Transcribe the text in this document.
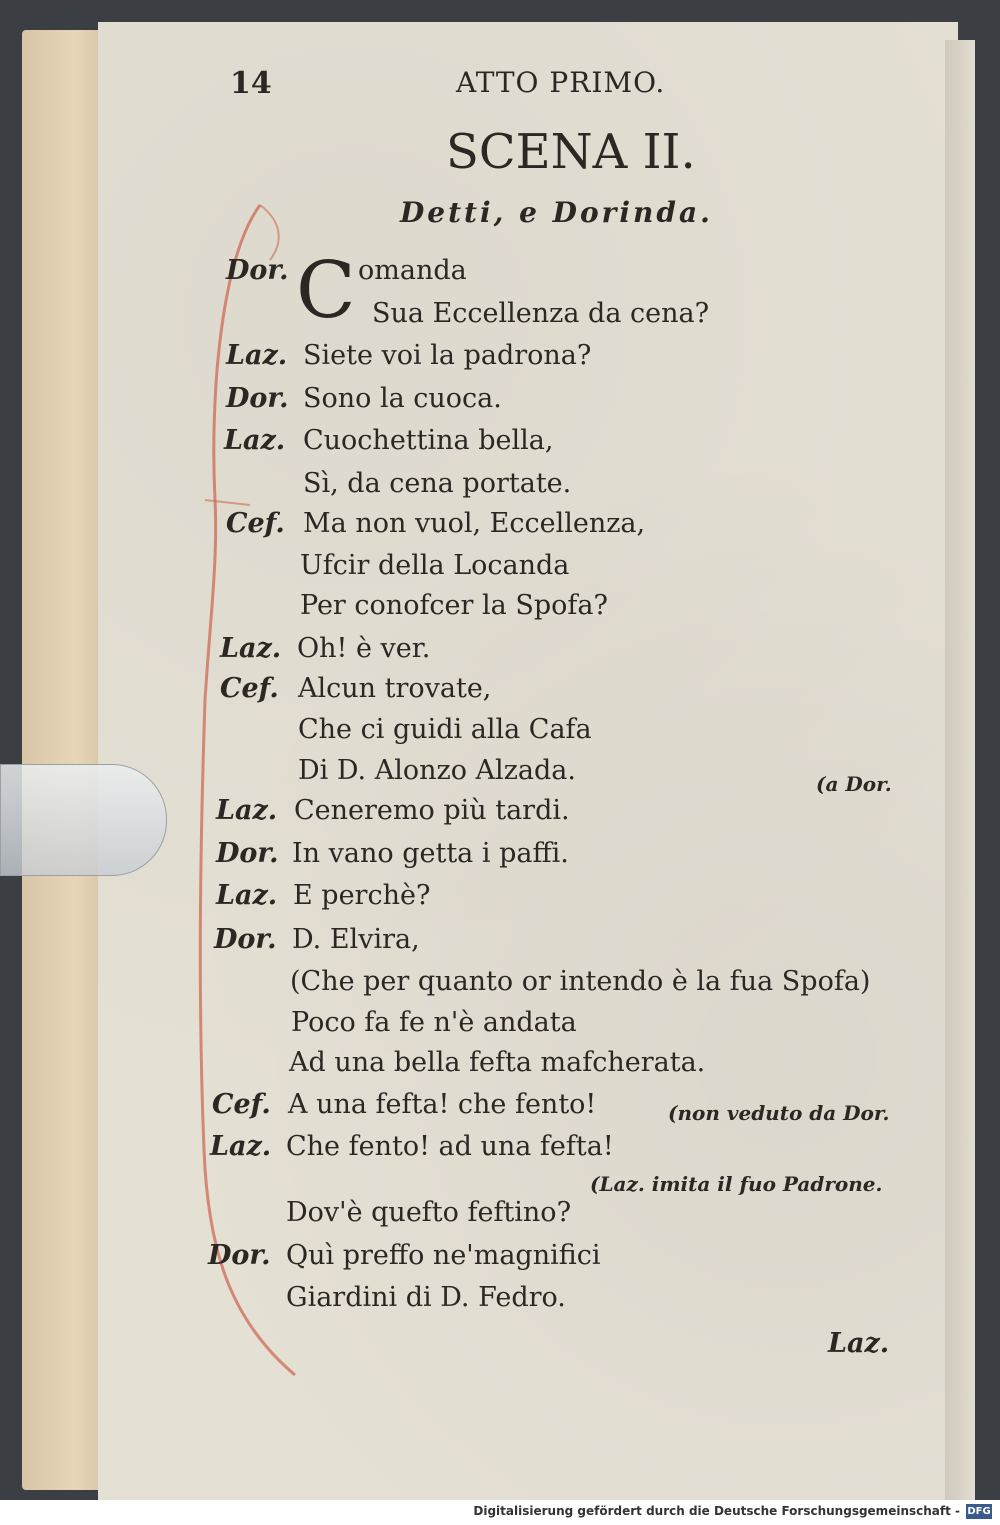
14	ATTO PRIMO.
SCENA II.
Detti, e Dorinda.
C
Dor.	omanda
Sua Eccellenza da cena?
Laz. Siete voi la padrona?
Dor. Sono la cuoca.
Laz. Cuochettina bella,
Sì, da cena portate.
Cef. Ma non vuol, Eccellenza,
Ufcir della Locanda
Per conofcer la Spofa?
Laz. Oh! è ver.
Cef. Alcun trovate,
Che ci guidi alla Cafa
Di D. Alonzo Alzada.	(a Dor.
Laz. Ceneremo più tardi.
Dor. In vano getta i paffi.
Laz. E perchè?
Dor. D. Elvira,
(Che per quanto or intendo è la fua Spofa)
Poco fa fe n'è andata
Ad una bella fefta mafcherata.
Cef. A una fefta! che fento!	(non veduto da Dor.
Laz. Che fento! ad una fefta!
(Laz. imita il fuo Padrone.
Dov'è quefto feftino?
Dor. Quì preffo ne'magnifici
Giardini di D. Fedro.
Laz.
Digitalisierung gefördert durch die Deutsche Forschungsgemeinschaft - DFG
